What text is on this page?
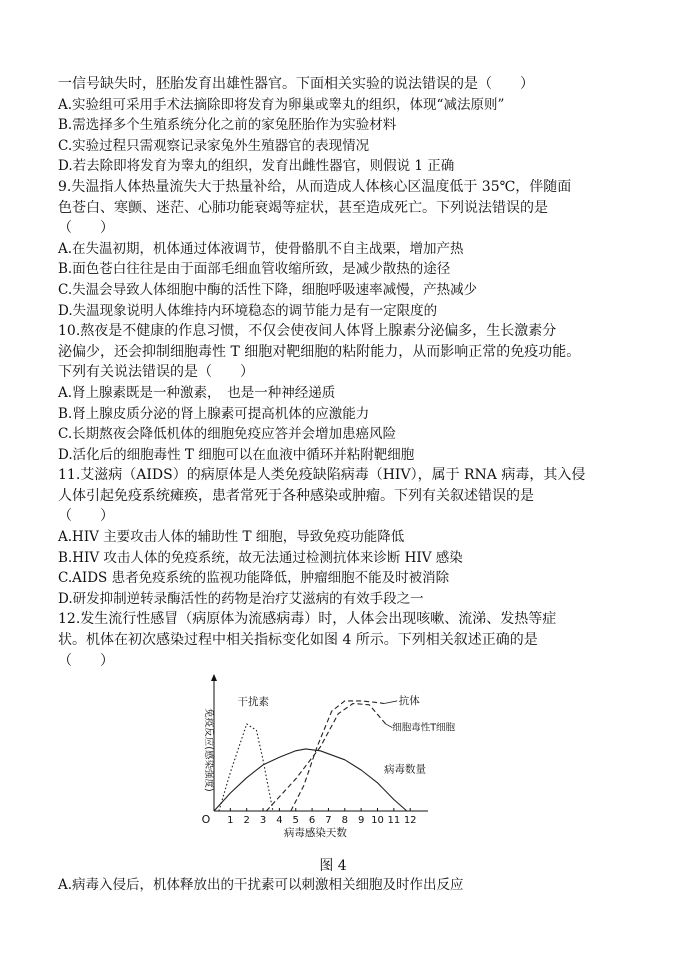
一信号缺失时，胚胎发育出雄性器官。下面相关实验的说法错误的是（　　）
A.实验组可采用手术法摘除即将发育为卵巢或睾丸的组织，体现“减法原则”
B.需选择多个生殖系统分化之前的家兔胚胎作为实验材料
C.实验过程只需观察记录家兔外生殖器官的表现情况
D.若去除即将发育为睾丸的组织，发育出雌性器官，则假说 1 正确
9.失温指人体热量流失大于热量补给，从而造成人体核心区温度低于 35℃，伴随面
色苍白、寒颤、迷茫、心肺功能衰竭等症状，甚至造成死亡。下列说法错误的是
（　　）
A.在失温初期，机体通过体液调节，使骨骼肌不自主战栗，增加产热
B.面色苍白往往是由于面部毛细血管收缩所致，是减少散热的途径
C.失温会导致人体细胞中酶的活性下降，细胞呼吸速率减慢，产热减少
D.失温现象说明人体维持内环境稳态的调节能力是有一定限度的
10.熬夜是不健康的作息习惯，不仅会使夜间人体肾上腺素分泌偏多，生长激素分
泌偏少，还会抑制细胞毒性 T 细胞对靶细胞的粘附能力，从而影响正常的免疫功能。
下列有关说法错误的是（　　）
A.肾上腺素既是一种激素，　也是一种神经递质
B.肾上腺皮质分泌的肾上腺素可提高机体的应激能力
C.长期熬夜会降低机体的细胞免疫应答并会增加患癌风险
D.活化后的细胞毒性 T 细胞可以在血液中循环并粘附靶细胞
11.艾滋病（AIDS）的病原体是人类免疫缺陷病毒（HIV），属于 RNA 病毒，其入侵
人体引起免疫系统瘫痪，患者常死于各种感染或肿瘤。下列有关叙述错误的是
（　　）
A.HIV 主要攻击人体的辅助性 T 细胞，导致免疫功能降低
B.HIV 攻击人体的免疫系统，故无法通过检测抗体来诊断 HIV 感染
C.AIDS 患者免疫系统的监视功能降低，肿瘤细胞不能及时被消除
D.研发抑制逆转录酶活性的药物是治疗艾滋病的有效手段之一
12.发生流行性感冒（病原体为流感病毒）时，人体会出现咳嗽、流涕、发热等症
状。机体在初次感染过程中相关指标变化如图 4 所示。下列相关叙述正确的是
（　　）
O 1 2 3 4 5 6 7 8 9 10 11 12
病毒感染天数
免疫反应(感染强度)
干扰素	抗体
细胞毒性T细胞
病毒数量
图 4
A.病毒入侵后，机体释放出的干扰素可以刺激相关细胞及时作出反应
